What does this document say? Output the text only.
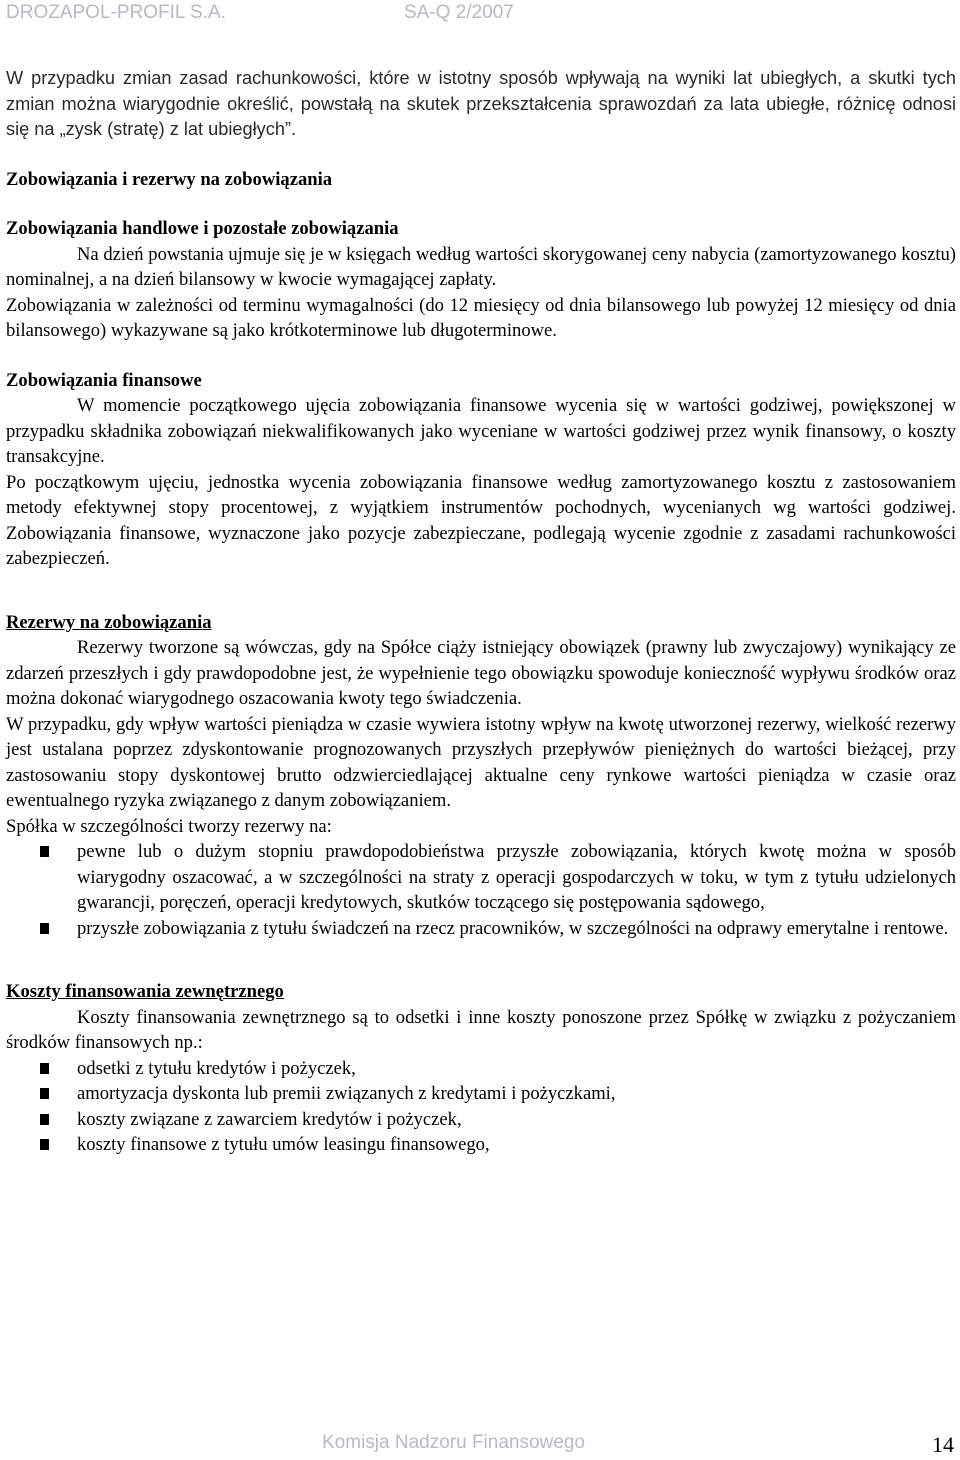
DROZAPOL-PROFIL S.A.	SA-Q 2/2007

W przypadku zmian zasad rachunkowości, które w istotny sposób wpływają na wyniki lat ubiegłych, a skutki tych zmian można wiarygodnie określić, powstałą na skutek przekształcenia sprawozdań za lata ubiegłe, różnicę odnosi się na „zysk (stratę) z lat ubiegłych”.

Zobowiązania i rezerwy na zobowiązania

Zobowiązania handlowe i pozostałe zobowiązania

Na dzień powstania ujmuje się je w księgach według wartości skorygowanej ceny nabycia (zamortyzowanego kosztu) nominalnej, a na dzień bilansowy w kwocie wymagającej zapłaty.

Zobowiązania w zależności od terminu wymagalności (do 12 miesięcy od dnia bilansowego lub powyżej 12 miesięcy od dnia bilansowego) wykazywane są jako krótkoterminowe lub długoterminowe.

Zobowiązania finansowe

W momencie początkowego ujęcia zobowiązania finansowe wycenia się w wartości godziwej, powiększonej w przypadku składnika zobowiązań niekwalifikowanych jako wyceniane w wartości godziwej przez wynik finansowy, o koszty transakcyjne.

Po początkowym ujęciu, jednostka wycenia zobowiązania finansowe według zamortyzowanego kosztu z zastosowaniem metody efektywnej stopy procentowej, z wyjątkiem instrumentów pochodnych, wycenianych wg wartości godziwej. Zobowiązania finansowe, wyznaczone jako pozycje zabezpieczane, podlegają wycenie zgodnie z zasadami rachunkowości zabezpieczeń.

Rezerwy na zobowiązania

Rezerwy tworzone są wówczas, gdy na Spółce ciąży istniejący obowiązek (prawny lub zwyczajowy) wynikający ze zdarzeń przeszłych i gdy prawdopodobne jest, że wypełnienie tego obowiązku spowoduje konieczność wypływu środków oraz można dokonać wiarygodnego oszacowania kwoty tego świadczenia.

W przypadku, gdy wpływ wartości pieniądza w czasie wywiera istotny wpływ na kwotę utworzonej rezerwy, wielkość rezerwy jest ustalana poprzez zdyskontowanie prognozowanych przyszłych przepływów pieniężnych do wartości bieżącej, przy zastosowaniu stopy dyskontowej brutto odzwierciedlającej aktualne ceny rynkowe wartości pieniądza w czasie oraz ewentualnego ryzyka związanego z danym zobowiązaniem.

Spółka w szczególności tworzy rezerwy na:

pewne lub o dużym stopniu prawdopodobieństwa przyszłe zobowiązania, których kwotę można w sposób wiarygodny oszacować, a w szczególności na straty z operacji gospodarczych w toku, w tym z tytułu udzielonych gwarancji, poręczeń, operacji kredytowych, skutków toczącego się postępowania sądowego,
przyszłe zobowiązania z tytułu świadczeń na rzecz pracowników, w szczególności na odprawy emerytalne i rentowe.

Koszty finansowania zewnętrznego

Koszty finansowania zewnętrznego są to odsetki i inne koszty ponoszone przez Spółkę w związku z pożyczaniem środków finansowych np.:

odsetki z tytułu kredytów i pożyczek,
amortyzacja dyskonta lub premii związanych z kredytami i pożyczkami,
koszty związane z zawarciem kredytów i pożyczek,
koszty finansowe z tytułu umów leasingu finansowego,
Komisja Nadzoru Finansowego	14
